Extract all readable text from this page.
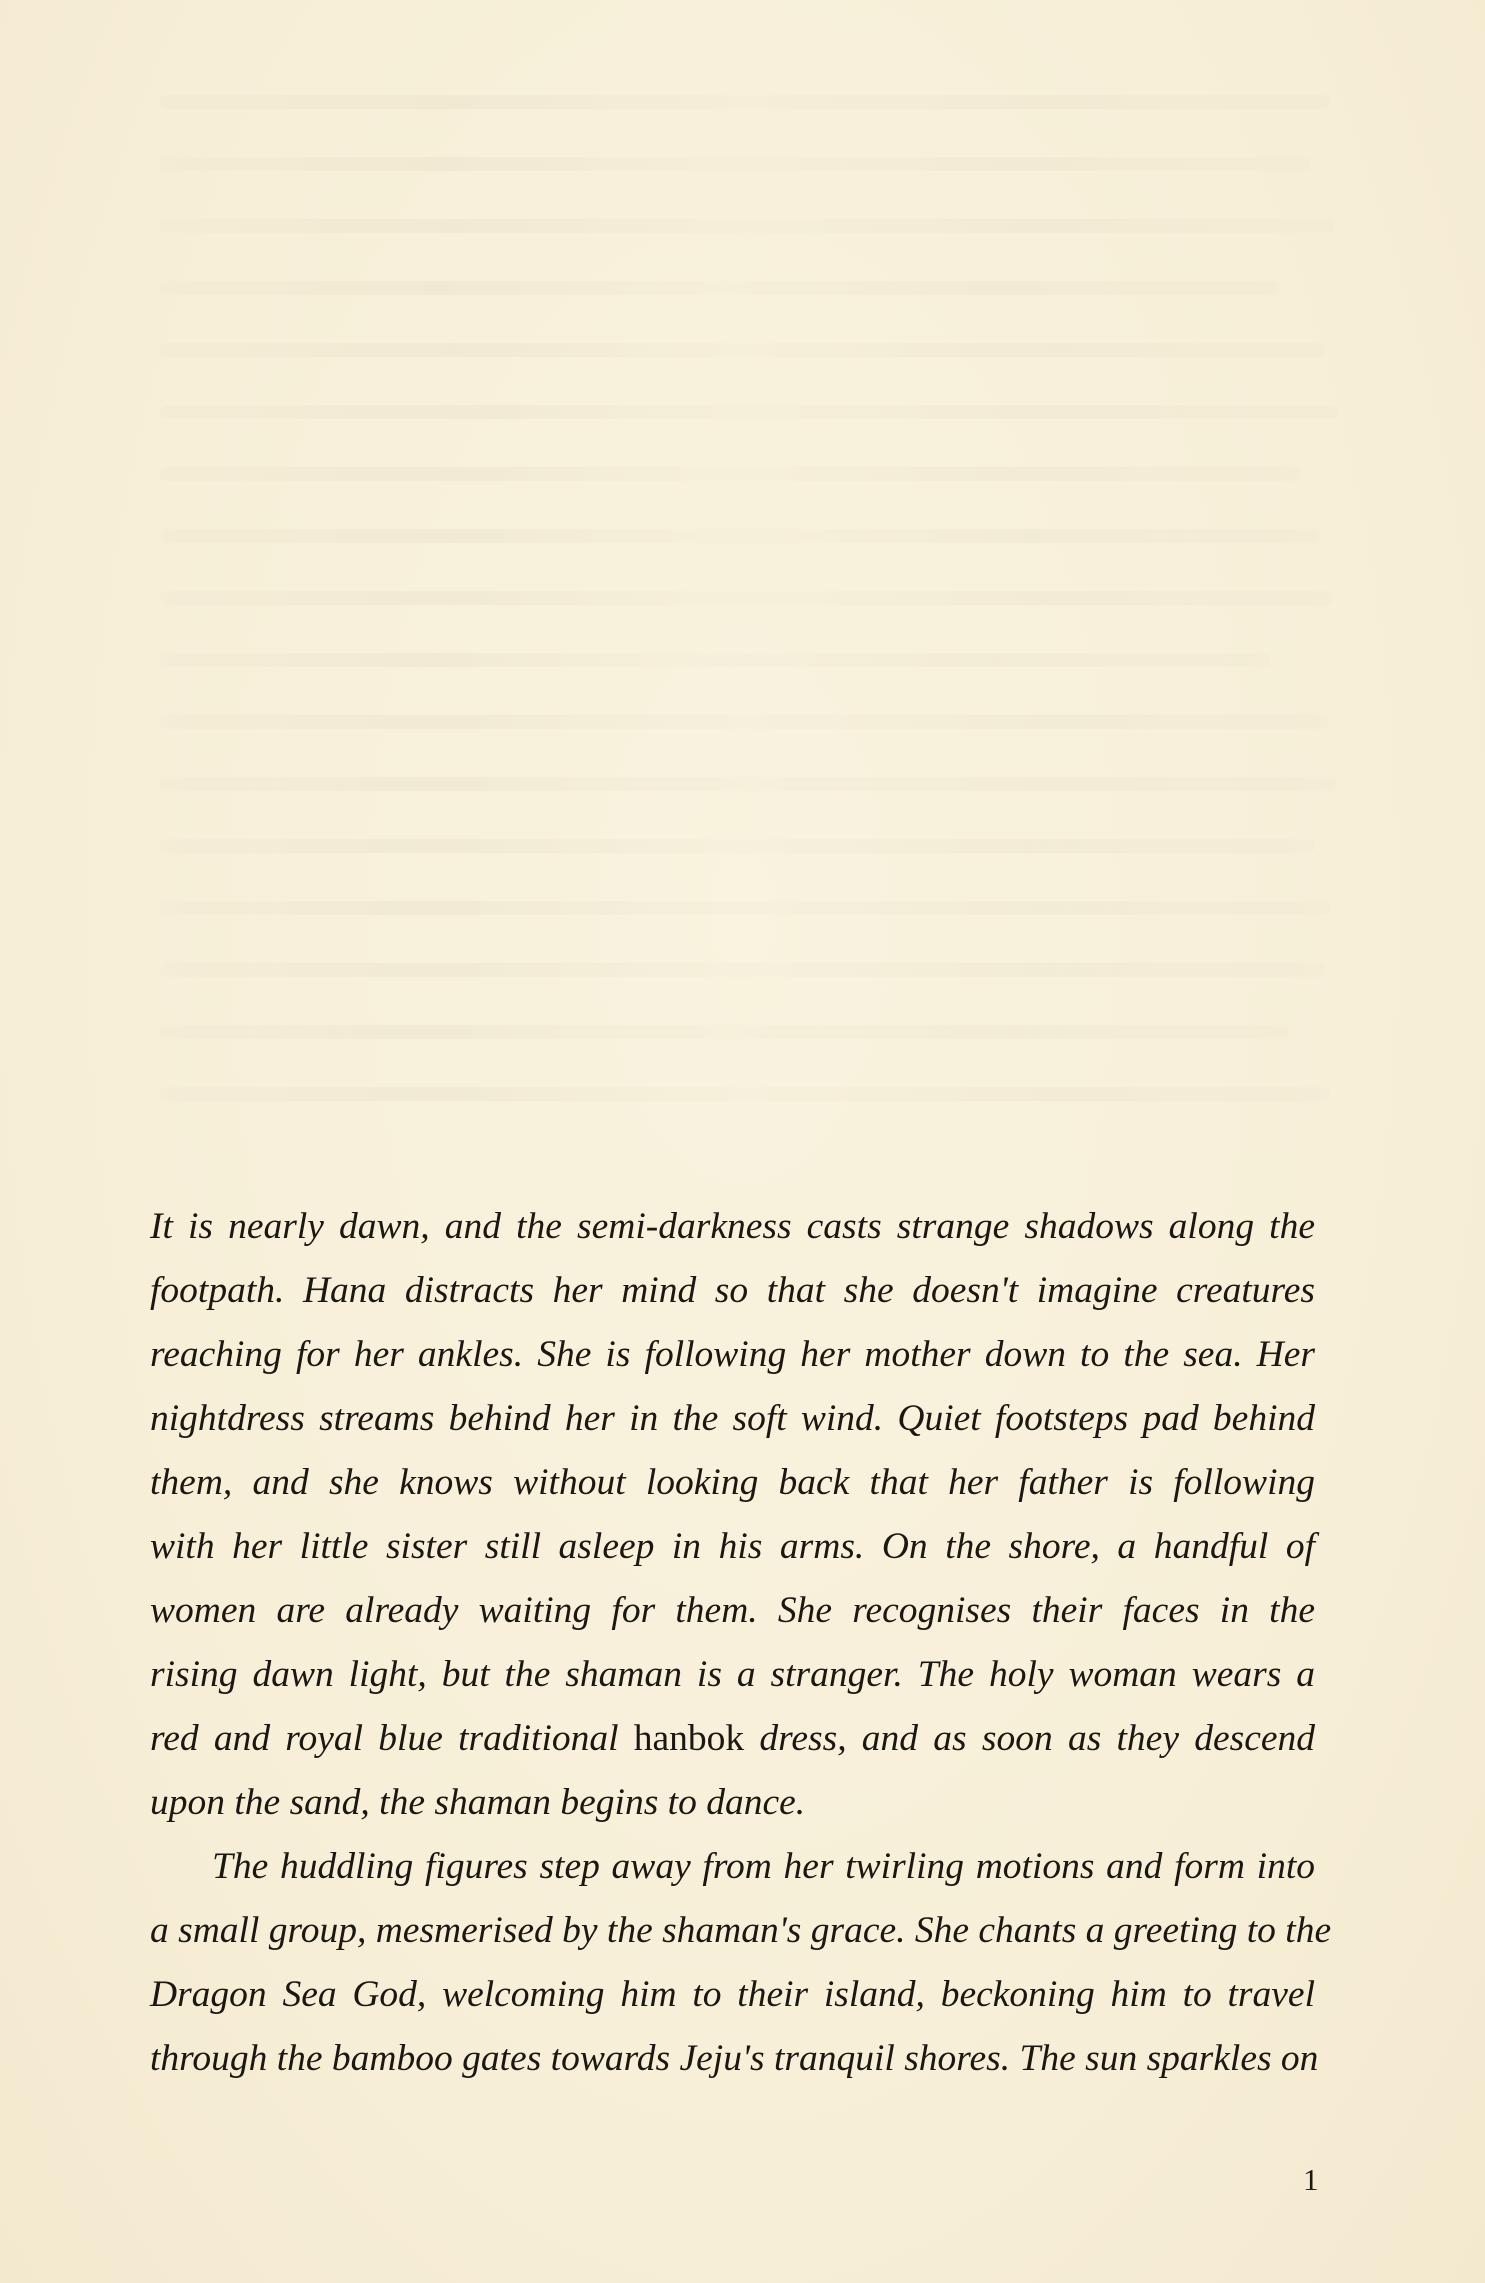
It is nearly dawn, and the semi-darkness casts strange shadows along the
footpath. Hana distracts her mind so that she doesn't imagine creatures
reaching for her ankles. She is following her mother down to the sea. Her
nightdress streams behind her in the soft wind. Quiet footsteps pad behind
them, and she knows without looking back that her father is following
with her little sister still asleep in his arms. On the shore, a handful of
women are already waiting for them. She recognises their faces in the
rising dawn light, but the shaman is a stranger. The holy woman wears a
red and royal blue traditional hanbok dress, and as soon as they descend
upon the sand, the shaman begins to dance.

The huddling figures step away from her twirling motions and form into
a small group, mesmerised by the shaman's grace. She chants a greeting to the
Dragon Sea God, welcoming him to their island, beckoning him to travel
through the bamboo gates towards Jeju's tranquil shores. The sun sparkles on

1
